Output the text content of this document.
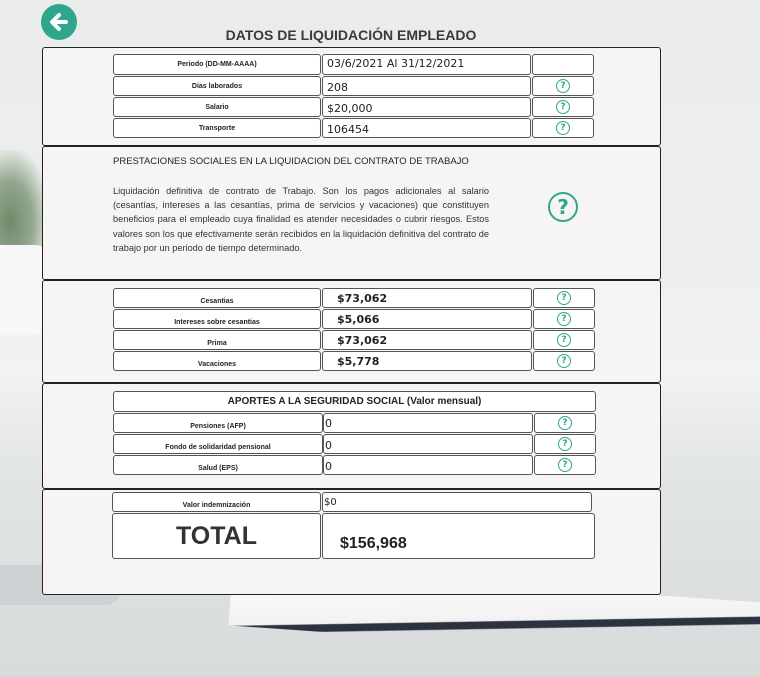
DATOS DE LIQUIDACIÓN EMPLEADO
Periodo (DD-MM-AAAA)	03/6/2021 Al 31/12/2021
Dias laborados	208	?
Salario	$20,000	?
Transporte	106454	?
PRESTACIONES SOCIALES EN LA LIQUIDACION DEL CONTRATO DE TRABAJO
Liquidación definitiva de contrato de Trabajo. Son los pagos adicionales al salario (cesantías, intereses a las cesantías, prima de servicios y vacaciones) que constituyen beneficios para el empleado cuya finalidad es atender necesidades o cubrir riesgos. Estos valores son los que efectivamente serán recibidos en la liquidación definitiva del contrato de trabajo por un periodo de tiempo determinado.
?
Cesantias	$73,062	?
Intereses sobre cesantias	$5,066	?
Prima	$73,062	?
Vacaciones	$5,778	?
APORTES A LA SEGURIDAD SOCIAL (Valor mensual)
Pensiones (AFP)	0	?
Fondo de solidaridad pensional	0	?
Salud (EPS)	0	?
Valor indemnización	$0
TOTAL	$156,968
